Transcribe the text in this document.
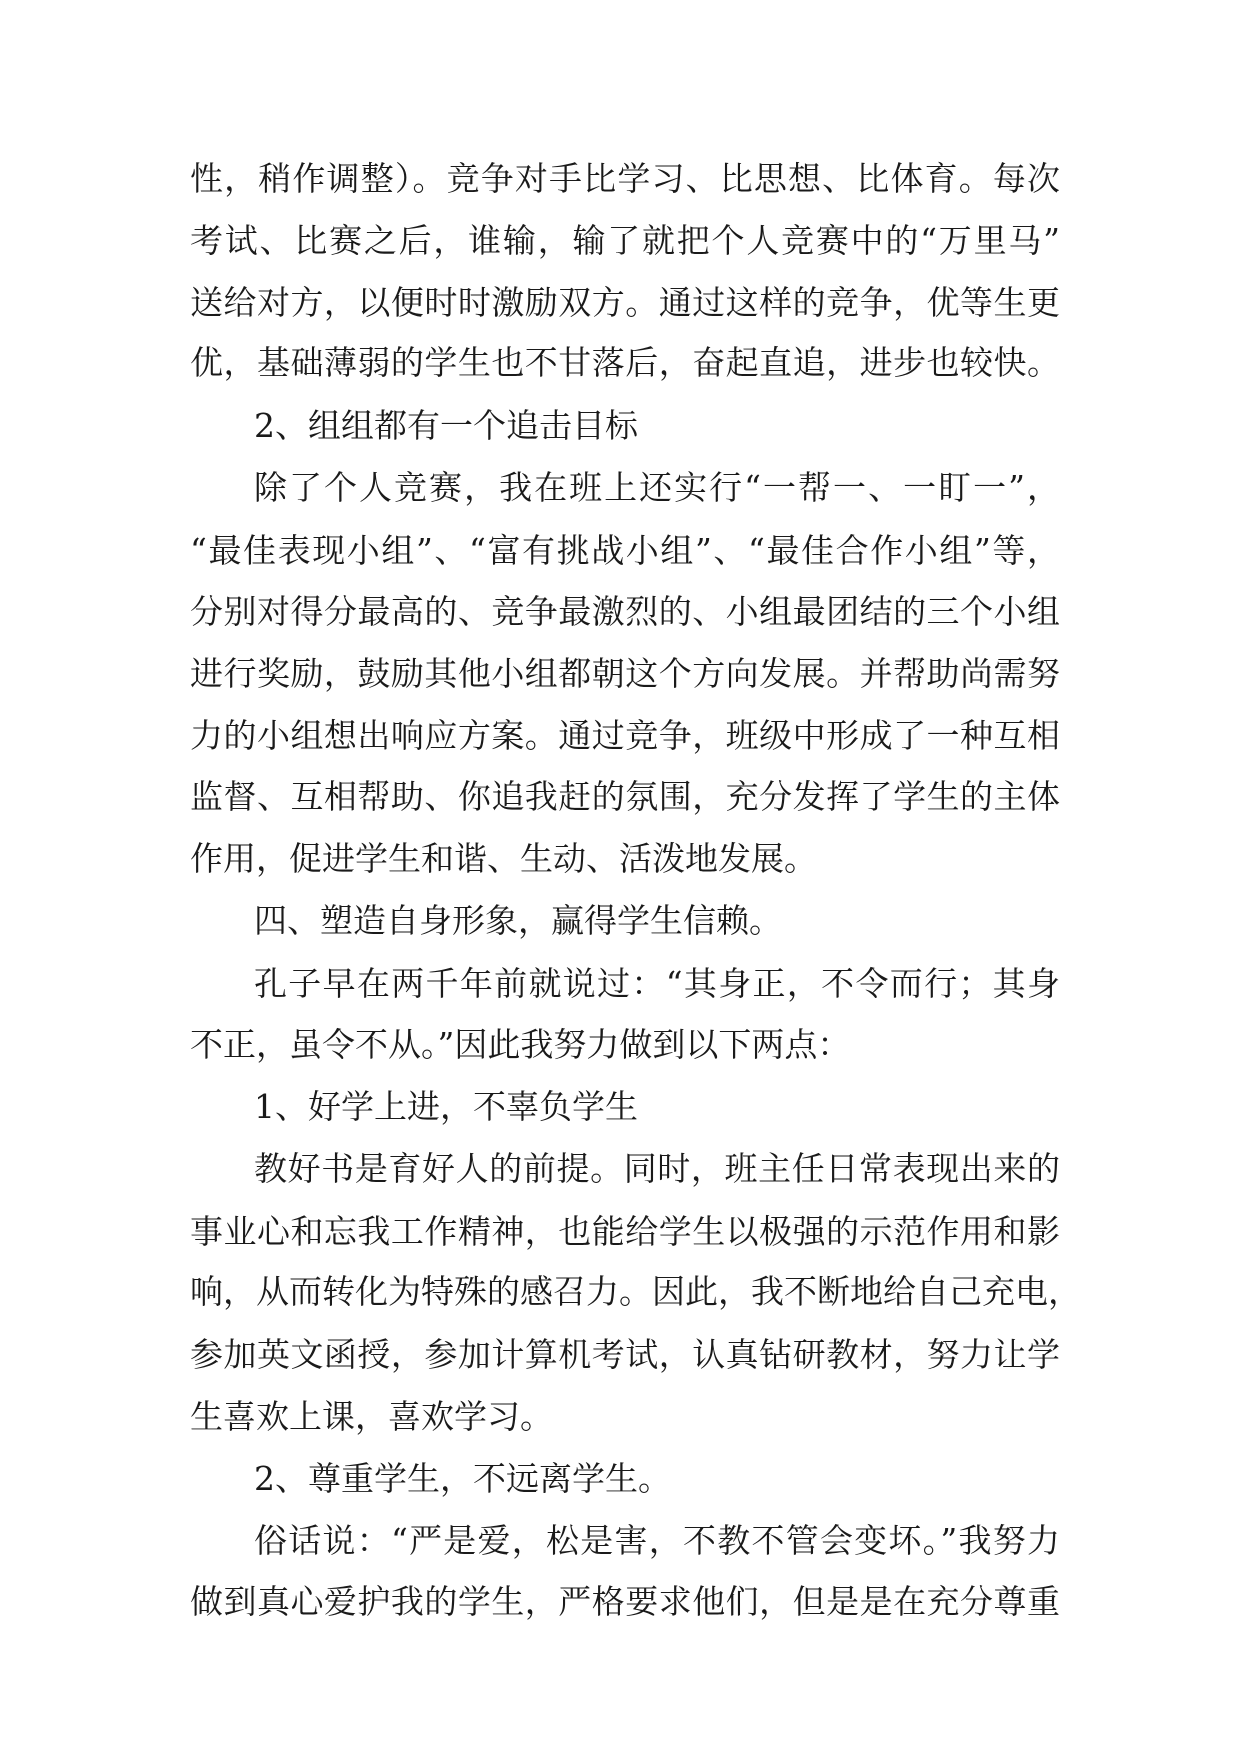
性，稍作调整）。竞争对手比学习、比思想、比体育。每次
考试、比赛之后，谁输，输了就把个人竞赛中的“万里马”
送给对方，以便时时激励双方。通过这样的竞争，优等生更
优，基础薄弱的学生也不甘落后，奋起直追，进步也较快。
2、组组都有一个追击目标
除了个人竞赛，我在班上还实行“一帮一、一盯一”，
“最佳表现小组”、“富有挑战小组”、“最佳合作小组”等，
分别对得分最高的、竞争最激烈的、小组最团结的三个小组
进行奖励，鼓励其他小组都朝这个方向发展。并帮助尚需努
力的小组想出响应方案。通过竞争，班级中形成了一种互相
监督、互相帮助、你追我赶的氛围，充分发挥了学生的主体
作用，促进学生和谐、生动、活泼地发展。
四、塑造自身形象，赢得学生信赖。
孔子早在两千年前就说过：“其身正，不令而行；其身
不正，虽令不从。”因此我努力做到以下两点：
1、好学上进，不辜负学生
教好书是育好人的前提。同时，班主任日常表现出来的
事业心和忘我工作精神，也能给学生以极强的示范作用和影
响，从而转化为特殊的感召力。因此，我不断地给自己充电，
参加英文函授，参加计算机考试，认真钻研教材，努力让学
生喜欢上课，喜欢学习。
2、尊重学生，不远离学生。
俗话说：“严是爱，松是害，不教不管会变坏。”我努力
做到真心爱护我的学生，严格要求他们，但是是在充分尊重
